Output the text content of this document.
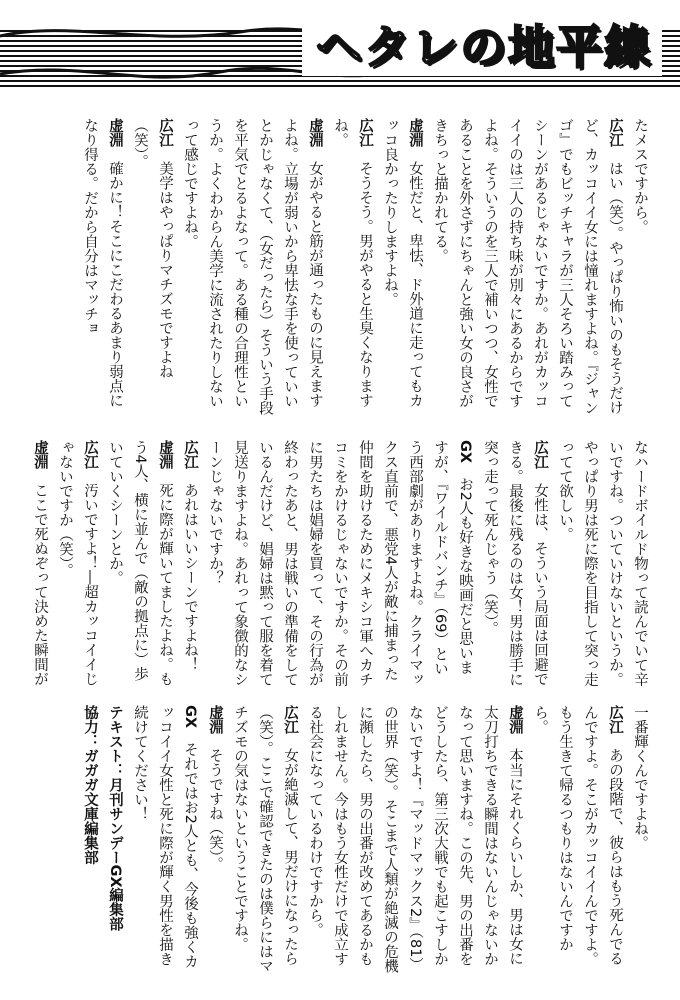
ヘタレの地平線

たメスですから。

広江はい（笑）。やっぱり怖いのもそうだけど、カッコイイ女には憧れますよね。『ジャンゴ』でもビッチキャラが三人そろい踏みってシーンがあるじゃないですか。あれがカッコイイのは三人の持ち味が別々にあるからですよね。そういうのを三人で補いつつ、女性であることを外さずにちゃんと強い女の良さがきちっと描かれてる。

虚淵女性だと、卑怯、ド外道に走ってもカッコ良かったりしますよね。

広江そうそう。男がやると生臭くなりますね。

虚淵女がやると筋が通ったものに見えますよね。立場が弱いから卑怯な手を使っていいとかじゃなくて、（女だったら）そういう手段を平気でとるよなって。ある種の合理性というか。よくわからん美学に流されたりしないって感じですよね。

広江美学はやっぱりマチズモですよね（笑）。

虚淵確かに！そこにこだわるあまり弱点になり得る。だから自分はマッチョ

なハードボイルド物って読んでいて辛いですね。ついていけないというか。やっぱり男は死に際を目指して突っ走ってて欲しい。

広江女性は、そういう局面は回避できる。最後に残るのは女！男は勝手に突っ走って死んじゃう（笑）。

GXお2人も好きな映画だと思いますが、『ワイルドバンチ』（69）という西部劇がありますよね。クライマックス直前で、悪党4人が敵に捕まった仲間を助けるためにメキシコ軍へカチコミをかけるじゃないですか。その前に男たちは娼婦を買って、その行為が終わったあと、男は戦いの準備をしているんだけど、娼婦は黙って服を着て見送りますよね。あれって象徴的なシーンじゃないですか？

広江あれはいいシーンですよね！

虚淵死に際が輝いてましたよね。もう4人、横に並んで（敵の拠点に）歩いていくシーンとか。

広江汚いですよ！―超カッコイイじゃないですか（笑）。

虚淵ここで死ぬぞって決めた瞬間が

一番輝くんですよね。

広江あの段階で、彼らはもう死んでるんですよ。そこがカッコイイんですよ。もう生きて帰るつもりはないんですから。

虚淵本当にそれくらいしか、男は女に太刀打ちできる瞬間はないんじゃないかなって思いますね。この先、男の出番をどうしたら、第三次大戦でも起こすしかないですよ！『マッドマックス2』（81）の世界（笑）。そこまで人類が絶滅の危機に瀕したら、男の出番が改めてあるかもしれません。今はもう女性だけで成立する社会になっているわけですから。

広江女が絶滅して、男だけになったら（笑）。ここで確認できたのは僕らにはマチズモの気はないということですね。

虚淵そうですね（笑）。

GXそれではお2人とも、今後も強くカッコイイ女性と死に際が輝く男性を描き続けてください！

テキスト：月刊サンデーGX編集部

協力：ガガガ文庫編集部
